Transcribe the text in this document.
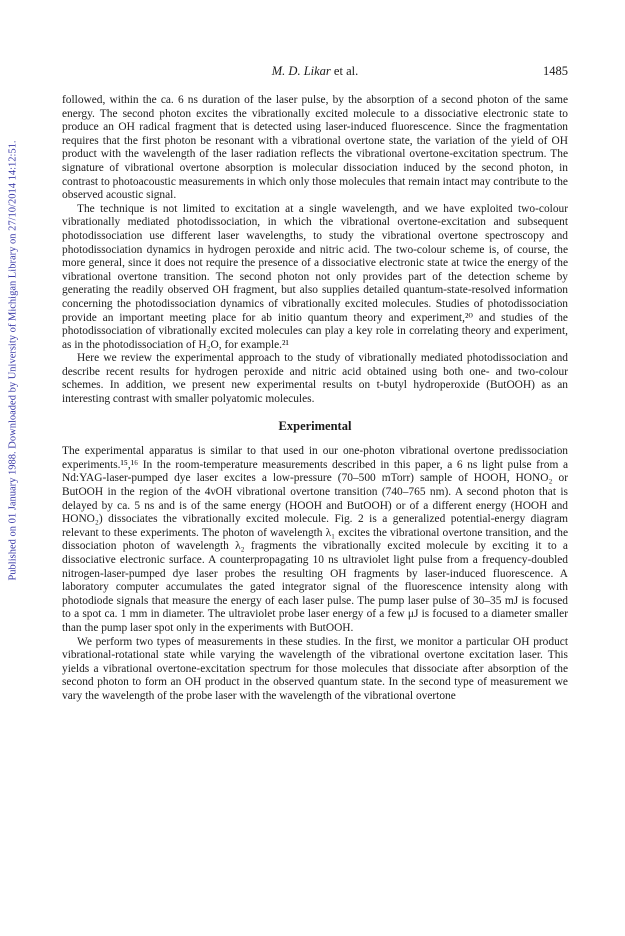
Published on 01 January 1988. Downloaded by University of Michigan Library on 27/10/2014 14:12:51.
M. D. Likar et al.	1485

followed, within the ca. 6 ns duration of the laser pulse, by the absorption of a second photon of the same energy. The second photon excites the vibrationally excited molecule to a dissociative electronic state to produce an OH radical fragment that is detected using laser-induced fluorescence. Since the fragmentation requires that the first photon be resonant with a vibrational overtone state, the variation of the yield of OH product with the wavelength of the laser radiation reflects the vibrational overtone-excitation spectrum. The signature of vibrational overtone absorption is molecular dissociation induced by the second photon, in contrast to photoacoustic measurements in which only those molecules that remain intact may contribute to the observed acoustic signal.

The technique is not limited to excitation at a single wavelength, and we have exploited two-colour vibrationally mediated photodissociation, in which the vibrational overtone-excitation and subsequent photodissociation use different laser wavelengths, to study the vibrational overtone spectroscopy and photodissociation dynamics in hydrogen peroxide and nitric acid. The two-colour scheme is, of course, the more general, since it does not require the presence of a dissociative electronic state at twice the energy of the vibrational overtone transition. The second photon not only provides part of the detection scheme by generating the readily observed OH fragment, but also supplies detailed quantum-state-resolved information concerning the photodissociation dynamics of vibrationally excited molecules. Studies of photodissociation provide an important meeting place for ab initio quantum theory and experiment,²⁰ and studies of the photodissociation of vibrationally excited molecules can play a key role in correlating theory and experiment, as in the photodissociation of H₂O, for example.²¹

Here we review the experimental approach to the study of vibrationally mediated photodissociation and describe recent results for hydrogen peroxide and nitric acid obtained using both one- and two-colour schemes. In addition, we present new experimental results on t-butyl hydroperoxide (ButOOH) as an interesting contrast with smaller polyatomic molecules.

Experimental

The experimental apparatus is similar to that used in our one-photon vibrational overtone predissociation experiments.¹⁵,¹⁶ In the room-temperature measurements described in this paper, a 6 ns light pulse from a Nd:YAG-laser-pumped dye laser excites a low-pressure (70–500 mTorr) sample of HOOH, HONO₂ or ButOOH in the region of the 4νOH vibrational overtone transition (740–765 nm). A second photon that is delayed by ca. 5 ns and is of the same energy (HOOH and ButOOH) or of a different energy (HOOH and HONO₂) dissociates the vibrationally excited molecule. Fig. 2 is a generalized potential-energy diagram relevant to these experiments. The photon of wavelength λ₁ excites the vibrational overtone transition, and the dissociation photon of wavelength λ₂ fragments the vibrationally excited molecule by exciting it to a dissociative electronic surface. A counterpropagating 10 ns ultraviolet light pulse from a frequency-doubled nitrogen-laser-pumped dye laser probes the resulting OH fragments by laser-induced fluorescence. A laboratory computer accumulates the gated integrator signal of the fluorescence intensity along with photodiode signals that measure the energy of each laser pulse. The pump laser pulse of 30–35 mJ is focused to a spot ca. 1 mm in diameter. The ultraviolet probe laser energy of a few μJ is focused to a diameter smaller than the pump laser spot only in the experiments with ButOOH.

We perform two types of measurements in these studies. In the first, we monitor a particular OH product vibrational-rotational state while varying the wavelength of the vibrational overtone excitation laser. This yields a vibrational overtone-excitation spectrum for those molecules that dissociate after absorption of the second photon to form an OH product in the observed quantum state. In the second type of measurement we vary the wavelength of the probe laser with the wavelength of the vibrational overtone
